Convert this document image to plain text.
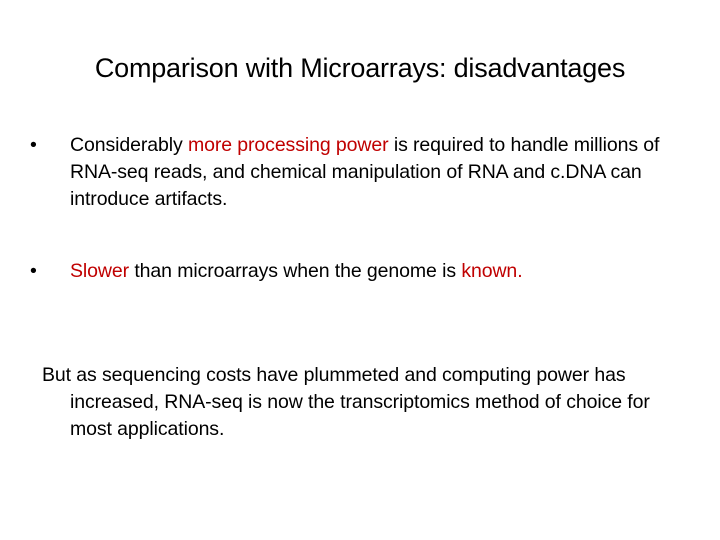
Comparison with Microarrays: disadvantages
•	Considerably more processing power is required to handle millions of RNA-seq reads, and chemical manipulation of RNA and c.DNA can introduce artifacts.
•	Slower than microarrays when the genome is known.
But as sequencing costs have plummeted and computing power has increased, RNA-seq is now the transcriptomics method of choice for most applications.
